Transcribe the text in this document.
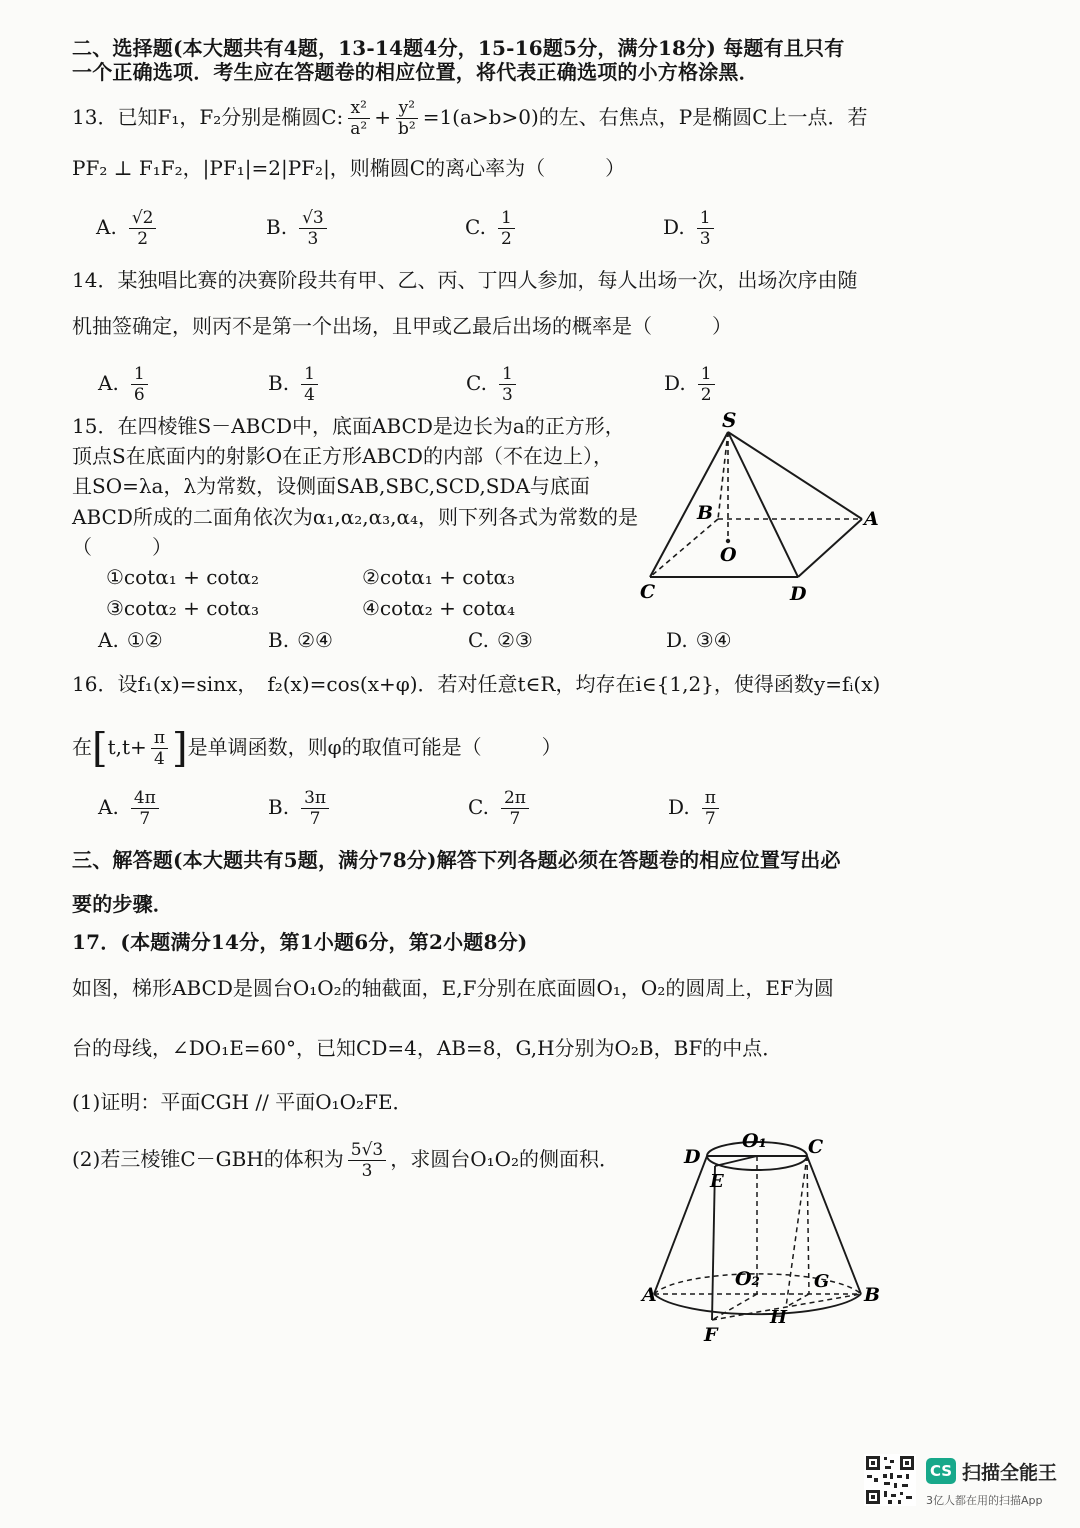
二、选择题(本大题共有4题，13-14题4分，15-16题5分，满分18分) 每题有且只有
一个正确选项．考生应在答题卷的相应位置，将代表正确选项的小方格涂黑．
13．已知F₁，F₂分别是椭圆C: $\frac{\text{x²}}{\text{a²}} + \frac{\text{y²}}{\text{b²}} =1(a>b>0)$的左、右焦点，P是椭圆C上一点．若
PF₂ ⊥ F₁F₂，|PF₁|=2|PF₂|，则椭圆C的离心率为（　　　）
A. $\frac{√2}{2}$	B. $\frac{√3}{3}$	C. $\frac{1}{2}$	D. $\frac{1}{3}$
14．某独唱比赛的决赛阶段共有甲、乙、丙、丁四人参加，每人出场一次，出场次序由随
机抽签确定，则丙不是第一个出场，且甲或乙最后出场的概率是（　　　）
A. $\frac{1}{6}$	B. $\frac{1}{4}$	C. $\frac{1}{3}$	D. $\frac{1}{2}$
15．在四棱锥S－ABCD中，底面ABCD是边长为a的正方形，
顶点S在底面内的射影O在正方形ABCD的内部（不在边上），
且SO=λa，λ为常数，设侧面SAB,SBC,SCD,SDA与底面
ABCD所成的二面角依次为α₁,α₂,α₃,α₄，则下列各式为常数的是
（　　　）
①cotα₁ + cotα₂	②cotα₁ + cotα₃
③cotα₂ + cotα₃	④cotα₂ + cotα₄
A. ①②	B. ②④	C. ②③	D. ③④
S
B	A
O
C	D
16．设f₁(x)=sinx，　f₂(x)=cos(x+φ)．若对任意t∈R，均存在i∈{1,2}，使得函数y=fᵢ(x)
在[$t,t+ \frac{\pi}{4}$ ]是单调函数，则φ的取值可能是（　　　）
A. $\frac{4\pi}{7}$	B. $\frac{3\pi}{7}$	C. $\frac{2\pi}{7}$	D. $\frac{\pi}{7}$
三、解答题(本大题共有5题，满分78分)解答下列各题必须在答题卷的相应位置写出必
要的步骤．
17．(本题满分14分，第1小题6分，第2小题8分)
如图，梯形ABCD是圆台O₁O₂的轴截面，E,F分别在底面圆O₁，O₂的圆周上，EF为圆
台的母线，∠DO₁E=60°，已知CD=4，AB=8，G,H分别为O₂B，BF的中点．
(1)证明：平面CGH // 平面O₁O₂FE．
(2)若三棱锥C－GBH的体积为 $\frac{5√3}{3}$ ，求圆台O₁O₂的侧面积．
O₁ C
D
E
O₂	G
A	B
H
F
CS 扫描全能王
3亿人都在用的扫描App
